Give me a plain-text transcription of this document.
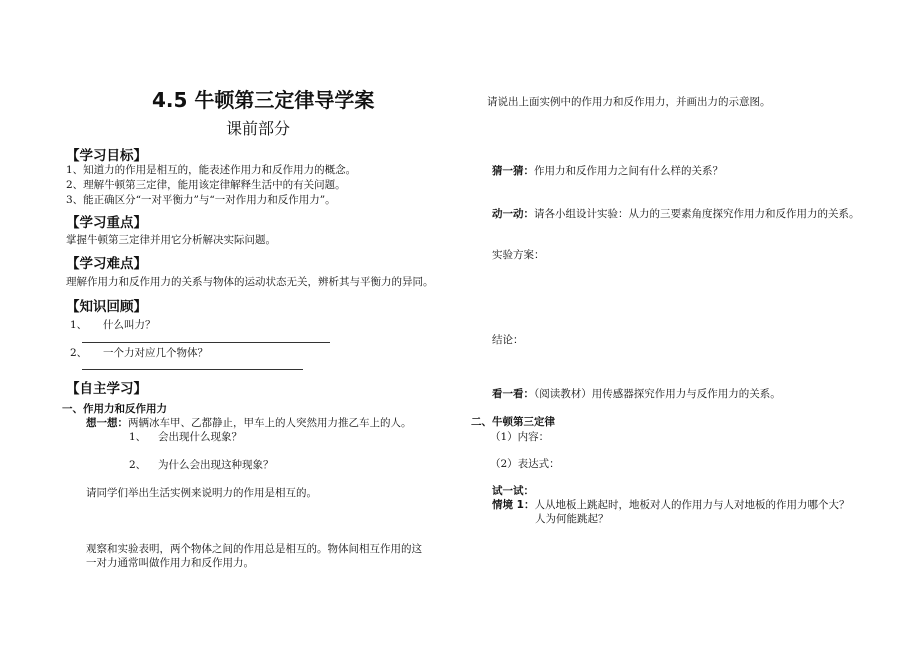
4.5 牛顿第三定律导学案
课前部分
【学习目标】
1、知道力的作用是相互的，能表述作用力和反作用力的概念。
2、理解牛顿第三定律，能用该定律解释生活中的有关问题。
3、能正确区分“一对平衡力”与“一对作用力和反作用力”。
【学习重点】
掌握牛顿第三定律并用它分析解决实际问题。
【学习难点】
理解作用力和反作用力的关系与物体的运动状态无关，辨析其与平衡力的异同。
【知识回顾】
1、 什么叫力？
2、 一个力对应几个物体？
【自主学习】
一、作用力和反作用力
想一想：两辆冰车甲、乙都静止，甲车上的人突然用力推乙车上的人。
1、 会出现什么现象？
2、 为什么会出现这种现象？
请同学们举出生活实例来说明力的作用是相互的。
观察和实验表明，两个物体之间的作用总是相互的。物体间相互作用的这
一对力通常叫做作用力和反作用力。
请说出上面实例中的作用力和反作用力，并画出力的示意图。
猜一猜：作用力和反作用力之间有什么样的关系？
动一动：请各小组设计实验：从力的三要素角度探究作用力和反作用力的关系。
实验方案：
结论：
看一看：（阅读教材）用传感器探究作用力与反作用力的关系。
二、牛顿第三定律
（1）内容：
（2）表达式：
试一试：
情境 1：人从地板上跳起时，地板对人的作用力与人对地板的作用力哪个大？
人为何能跳起？
